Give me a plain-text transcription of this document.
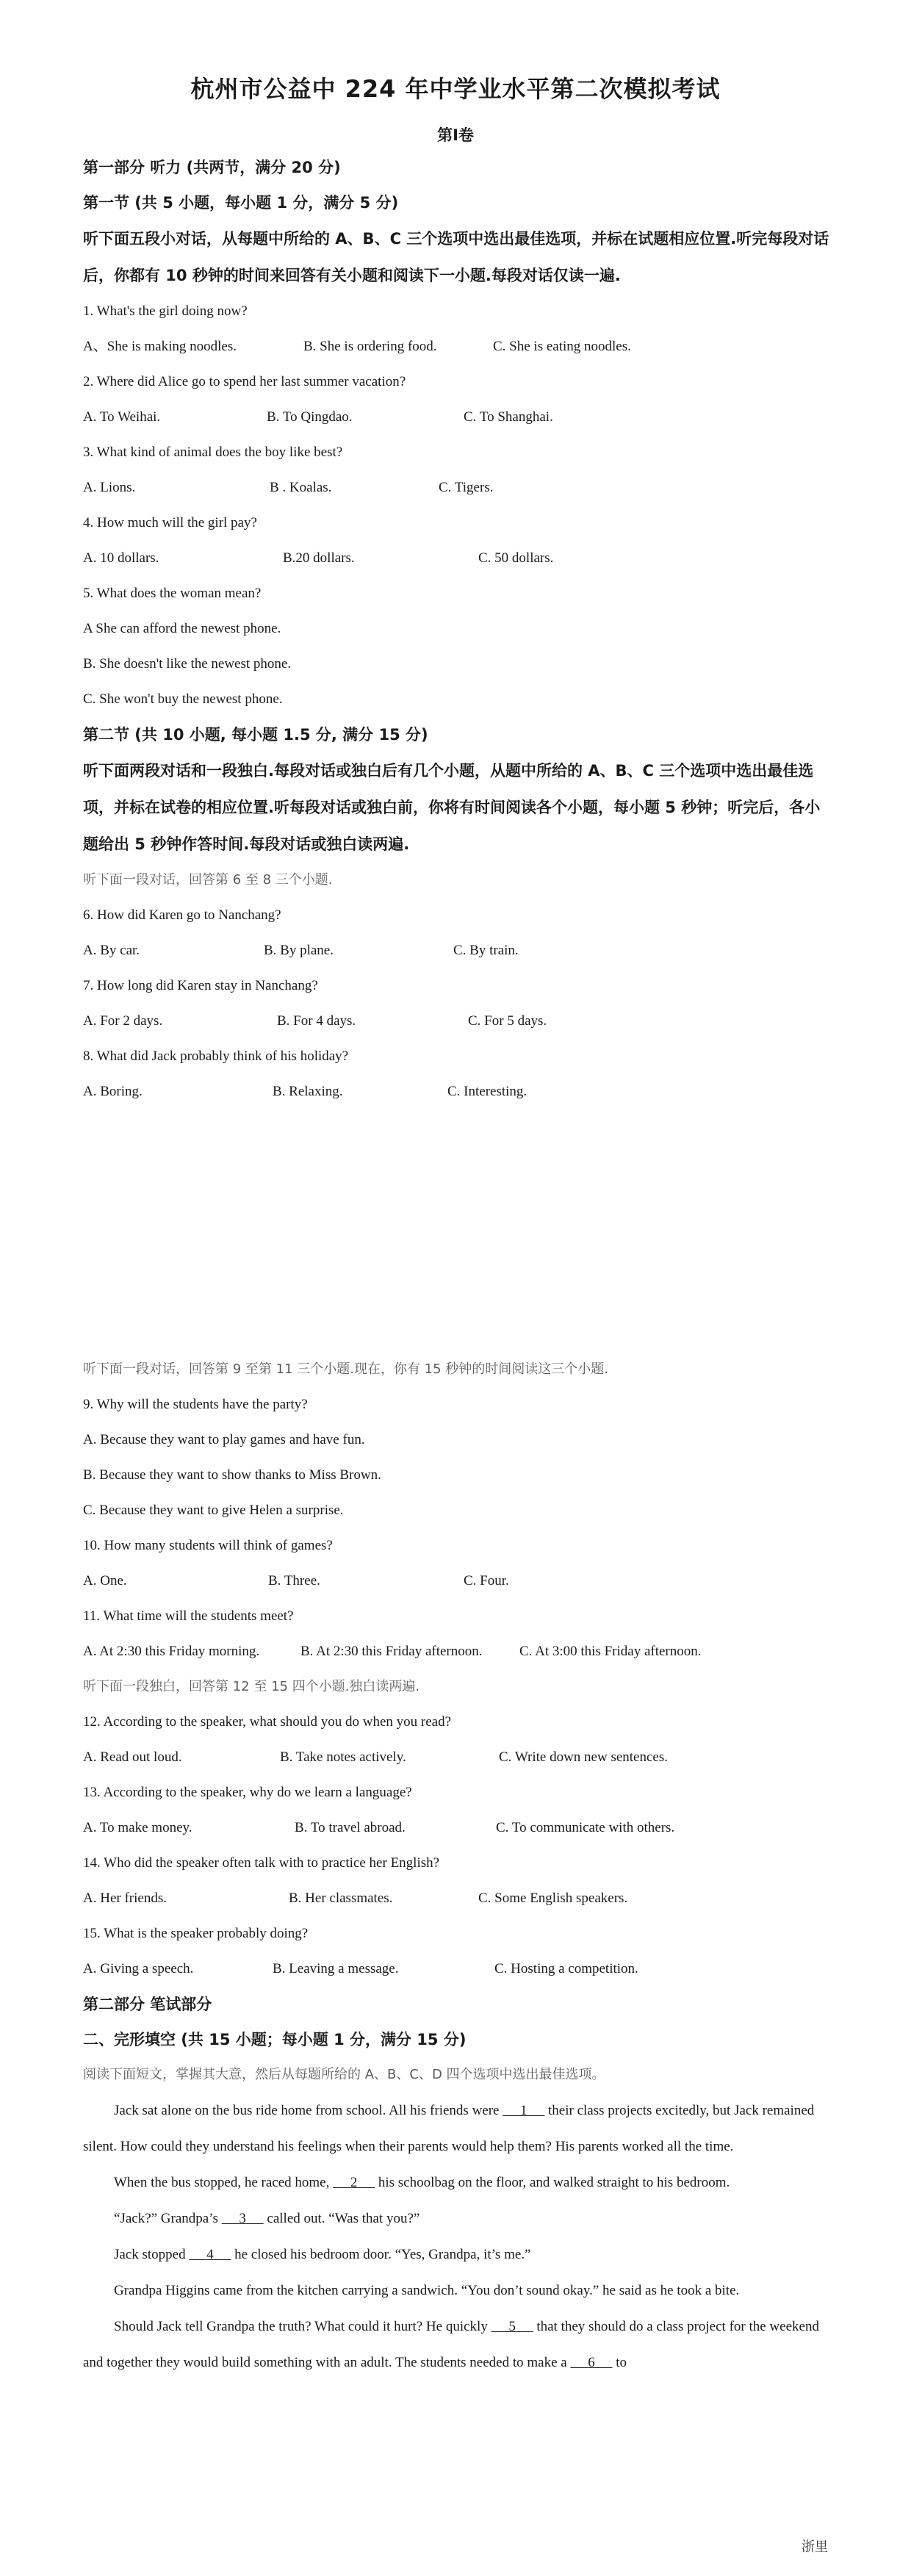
杭州市公益中 224 年中学业水平第二次模拟考试
第Ⅰ卷
第一部分 听力 (共两节，满分 20 分)
第一节 (共 5 小题，每小题 1 分，满分 5 分)
听下面五段小对话，从每题中所给的 A、B、C 三个选项中选出最佳选项，并标在试题相应位置.听完每段对话后，你都有 10 秒钟的时间来回答有关小题和阅读下一小题.每段对话仅读一遍.
1. What's the girl doing now?
A、She is making noodles.	B. She is ordering food.	C. She is eating noodles.
2. Where did Alice go to spend her last summer vacation?
A. To Weihai.	B. To Qingdao.	C. To Shanghai.
3. What kind of animal does the boy like best?
A. Lions.	B . Koalas.	C. Tigers.
4. How much will the girl pay?
A. 10 dollars.	B.20 dollars.	C. 50 dollars.
5. What does the woman mean?
A She can afford the newest phone.
B. She doesn't like the newest phone.
C. She won't buy the newest phone.
第二节 (共 10 小题, 每小题 1.5 分, 满分 15 分)
听下面两段对话和一段独白.每段对话或独白后有几个小题，从题中所给的 A、B、C 三个选项中选出最佳选项，并标在试卷的相应位置.听每段对话或独白前，你将有时间阅读各个小题，每小题 5 秒钟；听完后，各小题给出 5 秒钟作答时间.每段对话或独白读两遍.
听下面一段对话，回答第 6 至 8 三个小题.
6. How did Karen go to Nanchang?
A. By car.	B. By plane.	C. By train.
7. How long did Karen stay in Nanchang?
A. For 2 days.	B. For 4 days.	C. For 5 days.
8. What did Jack probably think of his holiday?
A. Boring.	B. Relaxing.	C. Interesting.
听下面一段对话，回答第 9 至第 11 三个小题.现在，你有 15 秒钟的时间阅读这三个小题.
9. Why will the students have the party?
A. Because they want to play games and have fun.
B. Because they want to show thanks to Miss Brown.
C. Because they want to give Helen a surprise.
10. How many students will think of games?
A. One.	B. Three.	C. Four.
11. What time will the students meet?
A. At 2:30 this Friday morning.	B. At 2:30 this Friday afternoon.	C. At 3:00 this Friday afternoon.
听下面一段独白，回答第 12 至 15 四个小题.独白读两遍.
12. According to the speaker, what should you do when you read?
A. Read out loud.	B. Take notes actively.	C. Write down new sentences.
13. According to the speaker, why do we learn a language?
A. To make money.	B. To travel abroad.	C. To communicate with others.
14. Who did the speaker often talk with to practice her English?
A. Her friends.	B. Her classmates.	C. Some English speakers.
15. What is the speaker probably doing?
A. Giving a speech.	B. Leaving a message.	C. Hosting a competition.
第二部分 笔试部分
二、完形填空 (共 15 小题；每小题 1 分，满分 15 分)
阅读下面短文，掌握其大意，然后从每题所给的 A、B、C、D 四个选项中选出最佳选项。
Jack sat alone on the bus ride home from school. All his friends were      1      their class projects excitedly, but Jack remained silent. How could they understand his feelings when their parents would help them? His parents worked all the time.
When the bus stopped, he raced home,      2      his schoolbag on the floor, and walked straight to his bedroom.
“Jack?” Grandpa’s      3      called out. “Was that you?”
Jack stopped      4      he closed his bedroom door. “Yes, Grandpa, it’s me.”
Grandpa Higgins came from the kitchen carrying a sandwich. “You don’t sound okay.” he said as he took a bite.
Should Jack tell Grandpa the truth? What could it hurt? He quickly      5      that they should do a class project for the weekend and together they would build something with an adult. The students needed to make a      6      to
浙里
